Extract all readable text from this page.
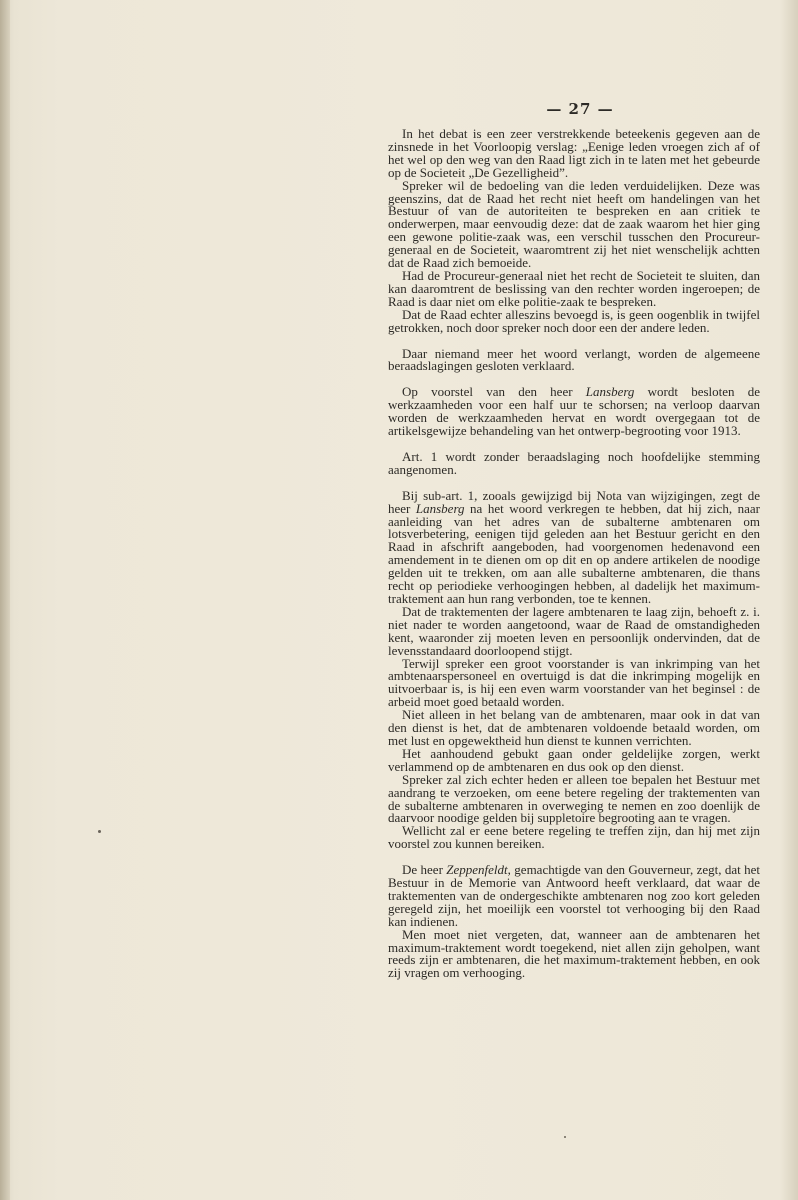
— 27 —

In het debat is een zeer verstrekkende beteekenis gegeven aan de zinsnede in het Voorloopig verslag: „Eenige leden vroegen zich af of het wel op den weg van den Raad ligt zich in te laten met het gebeurde op de Societeit „De Gezelligheid”.

Spreker wil de bedoeling van die leden verduidelijken. Deze was geenszins, dat de Raad het recht niet heeft om handelingen van het Bestuur of van de autoriteiten te bespreken en aan critiek te onderwerpen, maar eenvoudig deze: dat de zaak waarom het hier ging een gewone politie-zaak was, een verschil tusschen den Procureur-generaal en de Societeit, waaromtrent zij het niet wenschelijk achtten dat de Raad zich bemoeide.

Had de Procureur-generaal niet het recht de Societeit te sluiten, dan kan daaromtrent de beslissing van den rechter worden ingeroepen; de Raad is daar niet om elke politie-zaak te bespreken.

Dat de Raad echter alleszins bevoegd is, is geen oogenblik in twijfel getrokken, noch door spreker noch door een der andere leden.

Daar niemand meer het woord verlangt, worden de algemeene beraadslagingen gesloten verklaard.

Op voorstel van den heer Lansberg wordt besloten de werkzaamheden voor een half uur te schorsen; na verloop daarvan worden de werkzaamheden hervat en wordt overgegaan tot de artikelsgewijze behandeling van het ontwerp-begrooting voor 1913.

Art. 1 wordt zonder beraadslaging noch hoofdelijke stemming aangenomen.

Bij sub-art. 1, zooals gewijzigd bij Nota van wijzigingen, zegt de heer Lansberg na het woord verkregen te hebben, dat hij zich, naar aanleiding van het adres van de subalterne ambtenaren om lotsverbetering, eenigen tijd geleden aan het Bestuur gericht en den Raad in afschrift aangeboden, had voorgenomen hedenavond een amendement in te dienen om op dit en op andere artikelen de noodige gelden uit te trekken, om aan alle subalterne ambtenaren, die thans recht op periodieke verhoogingen hebben, al dadelijk het maximum-traktement aan hun rang verbonden, toe te kennen.

Dat de traktementen der lagere ambtenaren te laag zijn, behoeft z. i. niet nader te worden aangetoond, waar de Raad de omstandigheden kent, waaronder zij moeten leven en persoonlijk ondervinden, dat de levensstandaard doorloopend stijgt.

Terwijl spreker een groot voorstander is van inkrimping van het ambtenaarspersoneel en overtuigd is dat die inkrimping mogelijk en uitvoerbaar is, is hij een even warm voorstander van het beginsel : de arbeid moet goed betaald worden.

Niet alleen in het belang van de ambtenaren, maar ook in dat van den dienst is het, dat de ambtenaren voldoende betaald worden, om met lust en opgewektheid hun dienst te kunnen verrichten.

Het aanhoudend gebukt gaan onder geldelijke zorgen, werkt verlammend op de ambtenaren en dus ook op den dienst.

Spreker zal zich echter heden er alleen toe bepalen het Bestuur met aandrang te verzoeken, om eene betere regeling der traktementen van de subalterne ambtenaren in overweging te nemen en zoo doenlijk de daarvoor noodige gelden bij suppletoire begrooting aan te vragen.

Wellicht zal er eene betere regeling te treffen zijn, dan hij met zijn voorstel zou kunnen bereiken.

De heer Zeppenfeldt, gemachtigde van den Gouverneur, zegt, dat het Bestuur in de Memorie van Antwoord heeft verklaard, dat waar de traktementen van de ondergeschikte ambtenaren nog zoo kort geleden geregeld zijn, het moeilijk een voorstel tot verhooging bij den Raad kan indienen.

Men moet niet vergeten, dat, wanneer aan de ambtenaren het maximum-traktement wordt toegekend, niet allen zijn geholpen, want reeds zijn er ambtenaren, die het maximum-traktement hebben, en ook zij vragen om verhooging.
